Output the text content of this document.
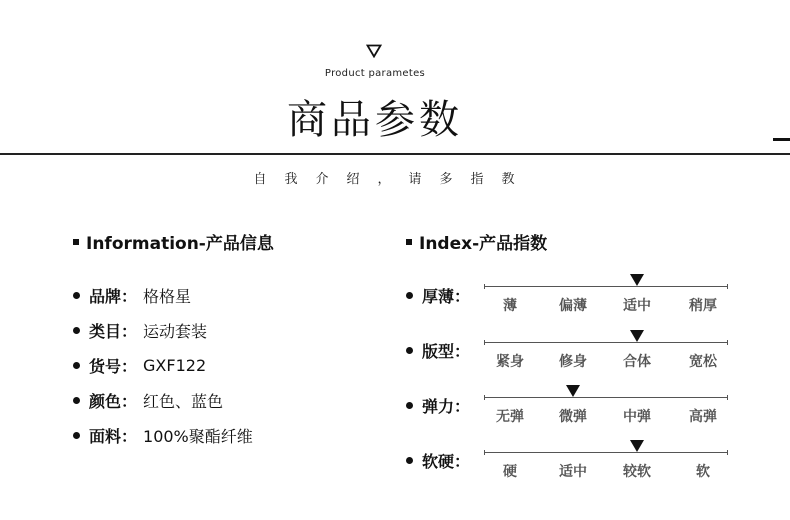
Product parametes
商品参数
自我介绍，请多指教
Information-产品信息
品牌： 格格星
类目： 运动套装
货号： GXF122
颜色： 红色、蓝色
面料： 100%聚酯纤维
Index-产品指数
厚薄： 薄	偏薄	适中	稍厚
版型：
紧身	修身	合体	宽松
弹力：
无弹	微弹	中弹	高弹
软硬：
硬	适中	较软	软
